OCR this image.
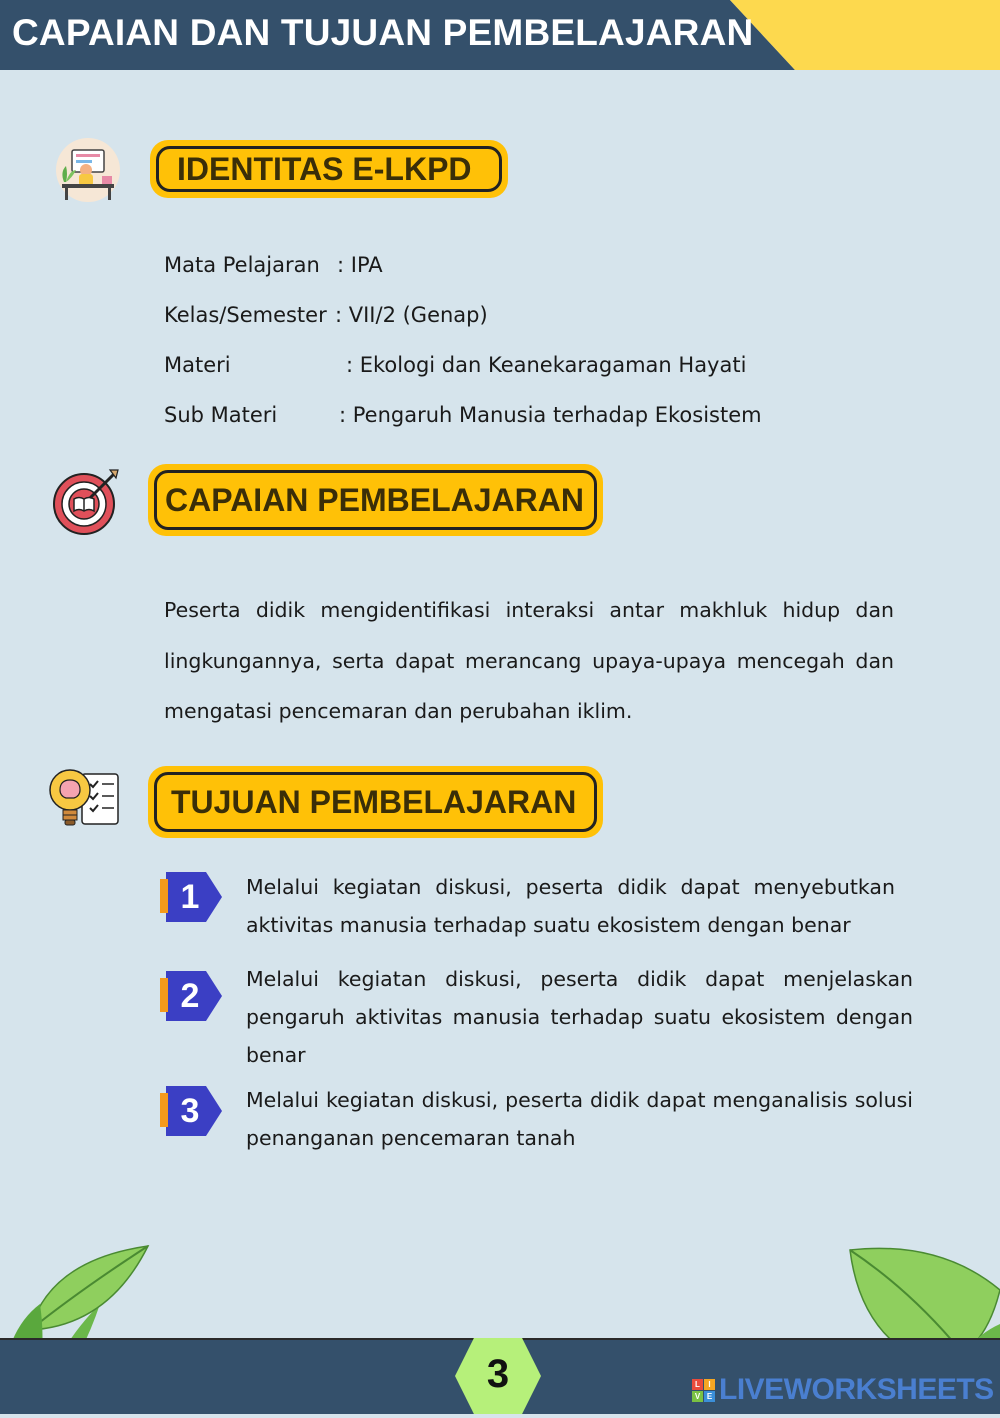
CAPAIAN DAN TUJUAN PEMBELAJARAN
IDENTITAS E-LKPD
Mata Pelajaran : IPA
Kelas/Semester : VII/2 (Genap)
Materi	: Ekologi dan Keanekaragaman Hayati
Sub Materi	: Pengaruh Manusia terhadap Ekosistem
CAPAIAN PEMBELAJARAN
Peserta didik mengidentifikasi interaksi antar makhluk hidup dan lingkungannya, serta dapat merancang upaya-upaya mencegah dan mengatasi pencemaran dan perubahan iklim.
TUJUAN PEMBELAJARAN
1	Melalui kegiatan diskusi, peserta didik dapat menyebutkan aktivitas manusia terhadap suatu ekosistem dengan benar
2	Melalui kegiatan diskusi, peserta didik dapat menjelaskan pengaruh aktivitas manusia terhadap suatu ekosistem dengan benar
3	Melalui kegiatan diskusi, peserta didik dapat menganalisis solusi penanganan pencemaran tanah
3	L	I
V E LIVEWORKSHEETS
